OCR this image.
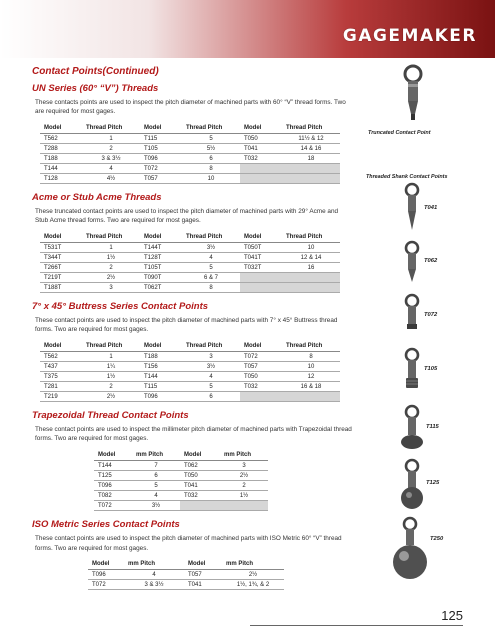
GAGEMAKER
Contact Points(Continued)
UN Series (60° “V”) Threads
These contacts points are used to inspect the pitch diameter of machined parts with 60° “V” thread forms. Two are required for most gages.
Model	Thread Pitch	Model	Thread Pitch	Model	Thread Pitch
T562	1	T115	5	T050	11½ & 12
T288	2	T105	5½	T041	14 & 16
T188	3 & 3½	T096	6	T032	18
T144	4	T072	8		
T128	4½	T057	10		
Acme or Stub Acme Threads
These truncated contact points are used to inspect the pitch diameter of machined parts with 29° Acme and Stub Acme thread forms. Two are required for most gages.
Model	Thread Pitch	Model	Thread Pitch	Model	Thread Pitch
T531T	1	T144T	3½	T050T	10
T344T	1½	T128T	4	T041T	12 & 14
T266T	2	T105T	5	T032T	16
T219T	2½	T090T	6 & 7		
T188T	3	T062T	8		
7° x 45° Buttress Series Contact Points
These contact points are used to inspect the pitch diameter of machined parts with 7° x 45° Buttress thread forms. Two are required for most gages.
Model	Thread Pitch	Model	Thread Pitch	Model	Thread Pitch
T562	1	T188	3	T072	8
T437	1¼	T156	3½	T057	10
T375	1½	T144	4	T050	12
T281	2	T115	5	T032	16 & 18
T219	2½	T096	6		
Trapezoidal Thread Contact Points
These contact points are used to inspect the millimeter pitch diameter of machined parts with Trapezoidal thread forms. Two are required for most gages.
Model	mm Pitch	Model	mm Pitch
T144	7	T062	3
T125	6	T050	2½
T096	5	T041	2
T082	4	T032	1½
T072	3½		
ISO Metric Series Contact Points
These contact points are used to inspect the pitch diameter of machined parts with ISO Metric 60° “V” thread forms. Two are required for most gages.
Model	mm Pitch	Model	mm Pitch
T096	4	T057	2½
T072	3 & 3½	T041	1½, 1¾, & 2
Truncated Contact Point
Threaded Shank Contact Points
T041
T062
T072
T105
T115
T125
T250
125
